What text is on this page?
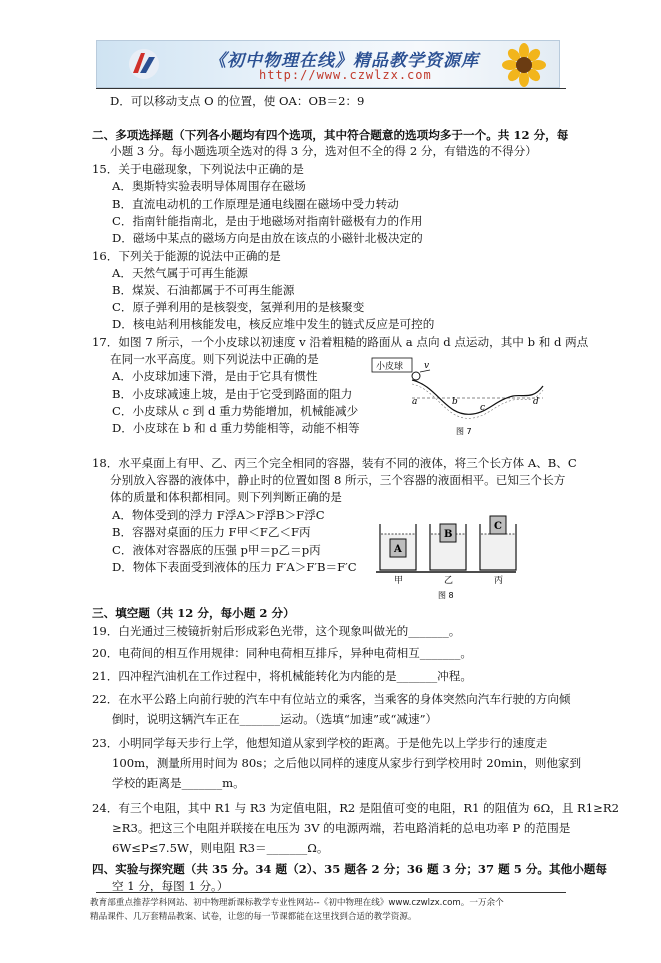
《初中物理在线》精品教学资源库
http://www.czwlzx.com
D．可以移动支点 O 的位置，使 OA：OB＝2：9
二、多项选择题（下列各小题均有四个选项，其中符合题意的选项均多于一个。共 12 分，每
小题 3 分。每小题选项全选对的得 3 分，选对但不全的得 2 分，有错选的不得分）
15．关于电磁现象，下列说法中正确的是
A．奥斯特实验表明导体周围存在磁场
B．直流电动机的工作原理是通电线圈在磁场中受力转动
C．指南针能指南北，是由于地磁场对指南针磁极有力的作用
D．磁场中某点的磁场方向是由放在该点的小磁针北极决定的
16．下列关于能源的说法中正确的是
A．天然气属于可再生能源
B．煤炭、石油都属于不可再生能源
C．原子弹利用的是核裂变，氢弹利用的是核聚变
D．核电站利用核能发电，核反应堆中发生的链式反应是可控的
17．如图 7 所示，一个小皮球以初速度 v 沿着粗糙的路面从 a 点向 d 点运动，其中 b 和 d 两点
在同一水平高度。则下列说法中正确的是
A．小皮球加速下滑，是由于它具有惯性
B．小皮球减速上坡，是由于它受到路面的阻力
C．小皮球从 c 到 d 重力势能增加，机械能减少
D．小皮球在 b 和 d 重力势能相等，动能不相等
18．水平桌面上有甲、乙、丙三个完全相同的容器，装有不同的液体，将三个长方体 A、B、C
分别放入容器的液体中，静止时的位置如图 8 所示，三个容器的液面相平。已知三个长方
体的质量和体积都相同。则下列判断正确的是
A．物体受到的浮力 F浮A＞F浮B＞F浮C
B．容器对桌面的压力 F甲＜F乙＜F丙
C．液体对容器底的压强 p甲＝p乙＝p丙
D．物体下表面受到液体的压力 F′A＞F′B＝F′C
三、填空题（共 12 分，每小题 2 分）
19．白光通过三棱镜折射后形成彩色光带，这个现象叫做光的_______。
20．电荷间的相互作用规律：同种电荷相互排斥，异种电荷相互_______。
21．四冲程汽油机在工作过程中，将机械能转化为内能的是_______冲程。
22．在水平公路上向前行驶的汽车中有位站立的乘客，当乘客的身体突然向汽车行驶的方向倾
倒时，说明这辆汽车正在_______运动。（选填“加速”或“减速”）
23．小明同学每天步行上学，他想知道从家到学校的距离。于是他先以上学步行的速度走
100m，测量所用时间为 80s；之后他以同样的速度从家步行到学校用时 20min，则他家到
学校的距离是_______m。
24．有三个电阻，其中 R1 与 R3 为定值电阻，R2 是阻值可变的电阻，R1 的阻值为 6Ω，且 R1≥R2
≥R3。把这三个电阻并联接在电压为 3V 的电源两端，若电路消耗的总电功率 P 的范围是
6W≤P≤7.5W，则电阻 R3＝_______Ω。
四、实验与探究题（共 35 分。34 题（2）、35 题各 2 分；36 题 3 分；37 题 5 分。其他小题每
空 1 分，每图 1 分。）
小皮球 v
a	b
c
d
图 7
A
B
C
甲	乙	丙
图 8
教育部重点推荐学科网站、初中物理新课标教学专业性网站--《初中物理在线》www.czwlzx.com。一万余个
精品课件、几万套精品教案、试卷，让您的每一节课都能在这里找到合适的教学资源。
